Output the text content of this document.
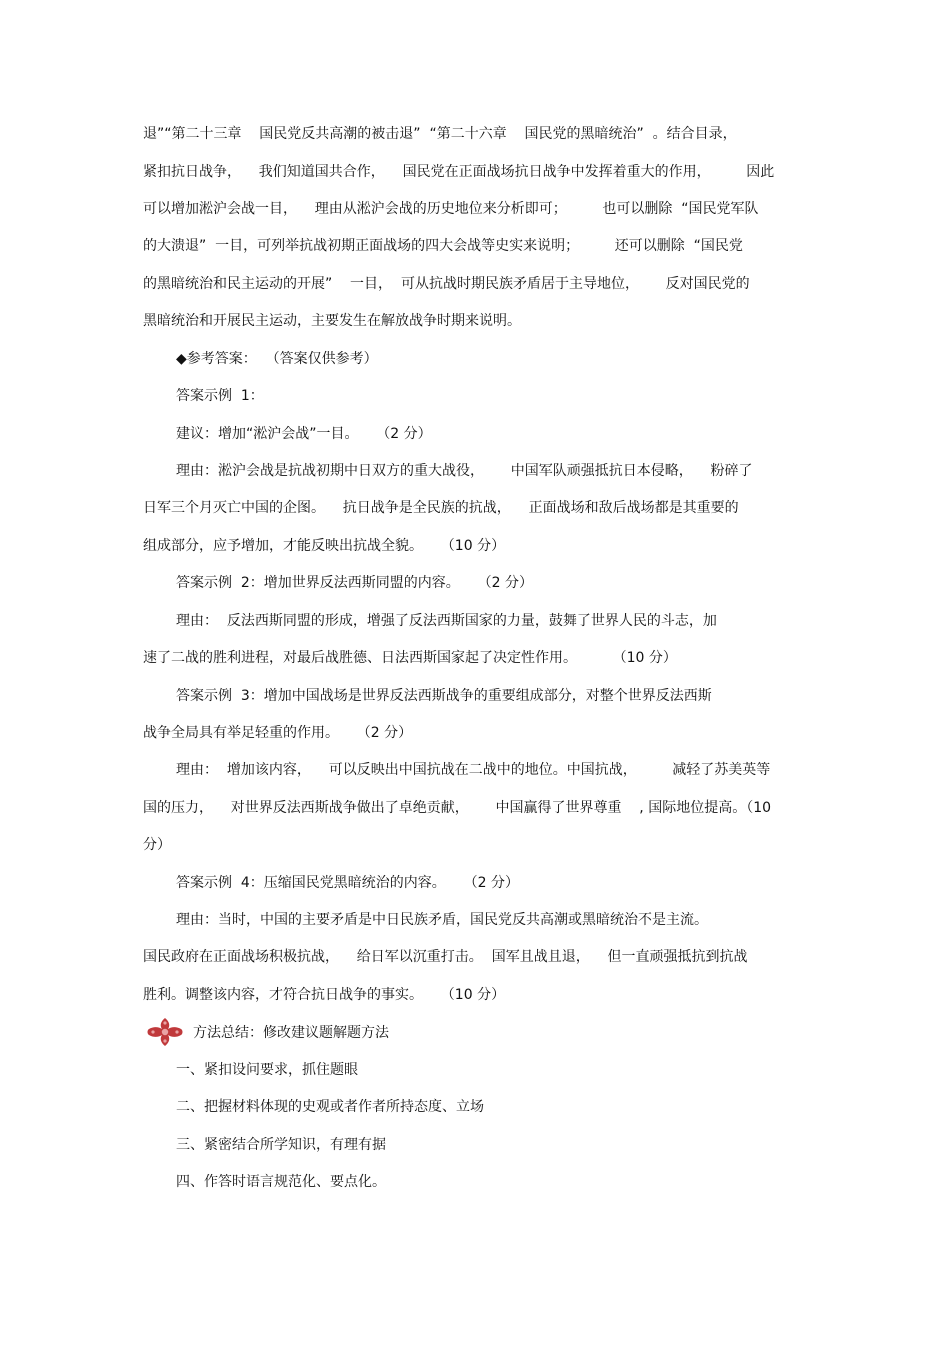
退”“第二十三章    国民党反共高潮的被击退”  “第二十六章    国民党的黑暗统治”  。结合目录，
紧扣抗日战争，    我们知道国共合作，    国民党在正面战场抗日战争中发挥着重大的作用，        因此
可以增加淞沪会战一目，    理由从淞沪会战的历史地位来分析即可；        也可以删除  “国民党军队
的大溃退”  一目，可列举抗战初期正面战场的四大会战等史实来说明；        还可以删除  “国民党
的黑暗统治和民主运动的开展”    一目，  可从抗战时期民族矛盾居于主导地位，      反对国民党的
黑暗统治和开展民主运动，主要发生在解放战争时期来说明。
◆参考答案：  （答案仅供参考）
答案示例  1：
建议：增加“淞沪会战”一目。    （2 分）
理由：淞沪会战是抗战初期中日双方的重大战役，      中国军队顽强抵抗日本侵略，    粉碎了
日军三个月灭亡中国的企图。    抗日战争是全民族的抗战，    正面战场和敌后战场都是其重要的
组成部分，应予增加，才能反映出抗战全貌。    （10 分）
答案示例  2：增加世界反法西斯同盟的内容。    （2 分）
理由：  反法西斯同盟的形成，增强了反法西斯国家的力量，鼓舞了世界人民的斗志，加
速了二战的胜利进程，对最后战胜德、日法西斯国家起了决定性作用。        （10 分）
答案示例  3：增加中国战场是世界反法西斯战争的重要组成部分，对整个世界反法西斯
战争全局具有举足轻重的作用。    （2 分）
理由：  增加该内容，    可以反映出中国抗战在二战中的地位。中国抗战，        减轻了苏美英等
国的压力，    对世界反法西斯战争做出了卓绝贡献，      中国赢得了世界尊重    , 国际地位提高。（10
分）
答案示例  4：压缩国民党黑暗统治的内容。    （2 分）
理由：当时，中国的主要矛盾是中日民族矛盾，国民党反共高潮或黑暗统治不是主流。
国民政府在正面战场积极抗战，    给日军以沉重打击。  国军且战且退，    但一直顽强抵抗到抗战
胜利。调整该内容，才符合抗日战争的事实。    （10 分）
方法总结：修改建议题解题方法
一、紧扣设问要求，抓住题眼
二、把握材料体现的史观或者作者所持态度、立场
三、紧密结合所学知识，有理有据
四、作答时语言规范化、要点化。
